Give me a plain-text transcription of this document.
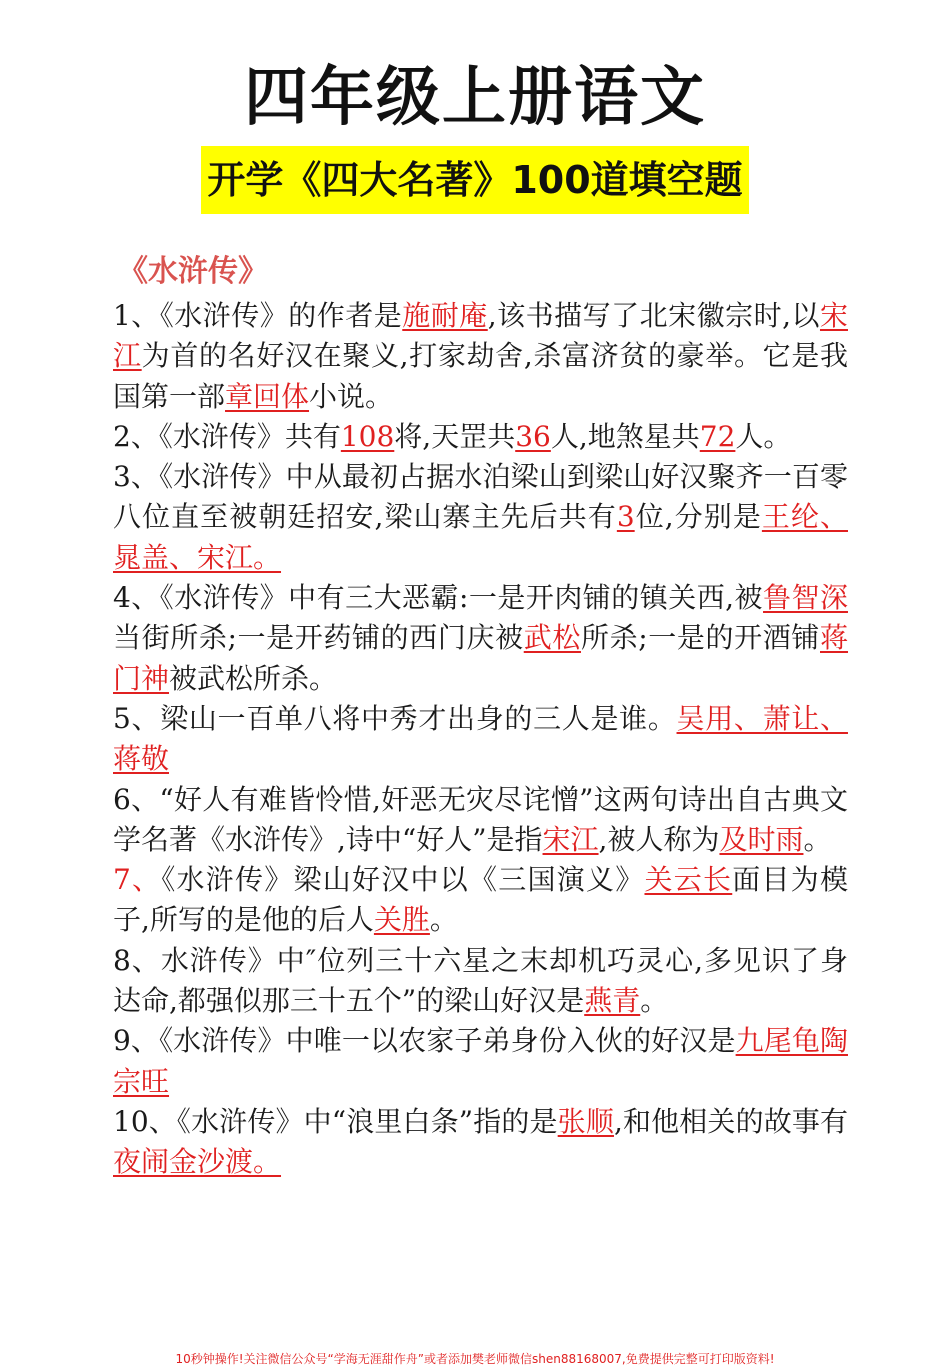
四年级上册语文
开学《四大名著》100道填空题
《水浒传》

1、《水浒传》的作者是施耐庵,该书描写了北宋徽宗时,以宋江为首的名好汉在聚义,打家劫舍,杀富济贫的豪举。它是我国第一部章回体小说。

2、《水浒传》共有108将,天罡共36人,地煞星共72人。

3、《水浒传》中从最初占据水泊梁山到梁山好汉聚齐一百零八位直至被朝廷招安,梁山寨主先后共有3位,分别是王纶、晁盖、宋江。

4、《水浒传》中有三大恶霸:一是开肉铺的镇关西,被鲁智深当街所杀;一是开药铺的西门庆被武松所杀;一是的开酒铺蒋门神被武松所杀。

5、梁山一百单八将中秀才出身的三人是谁。吴用、萧让、蒋敬

6、“好人有难皆怜惜,奸恶无灾尽诧憎”这两句诗出自古典文学名著《水浒传》,诗中“好人”是指宋江,被人称为及时雨。

7、《水浒传》梁山好汉中以《三国演义》关云长面目为模子,所写的是他的后人关胜。

8、水浒传》中″位列三十六星之末却机巧灵心,多见识了身达命,都强似那三十五个”的梁山好汉是燕青。

9、《水浒传》中唯一以农家子弟身份入伙的好汉是九尾龟陶宗旺

10、《水浒传》中“浪里白条”指的是张顺,和他相关的故事有夜闹金沙渡。

10秒钟操作!关注微信公众号“学海无涯甜作舟”或者添加樊老师微信shen88168007,免费提供完整可打印版资料!
